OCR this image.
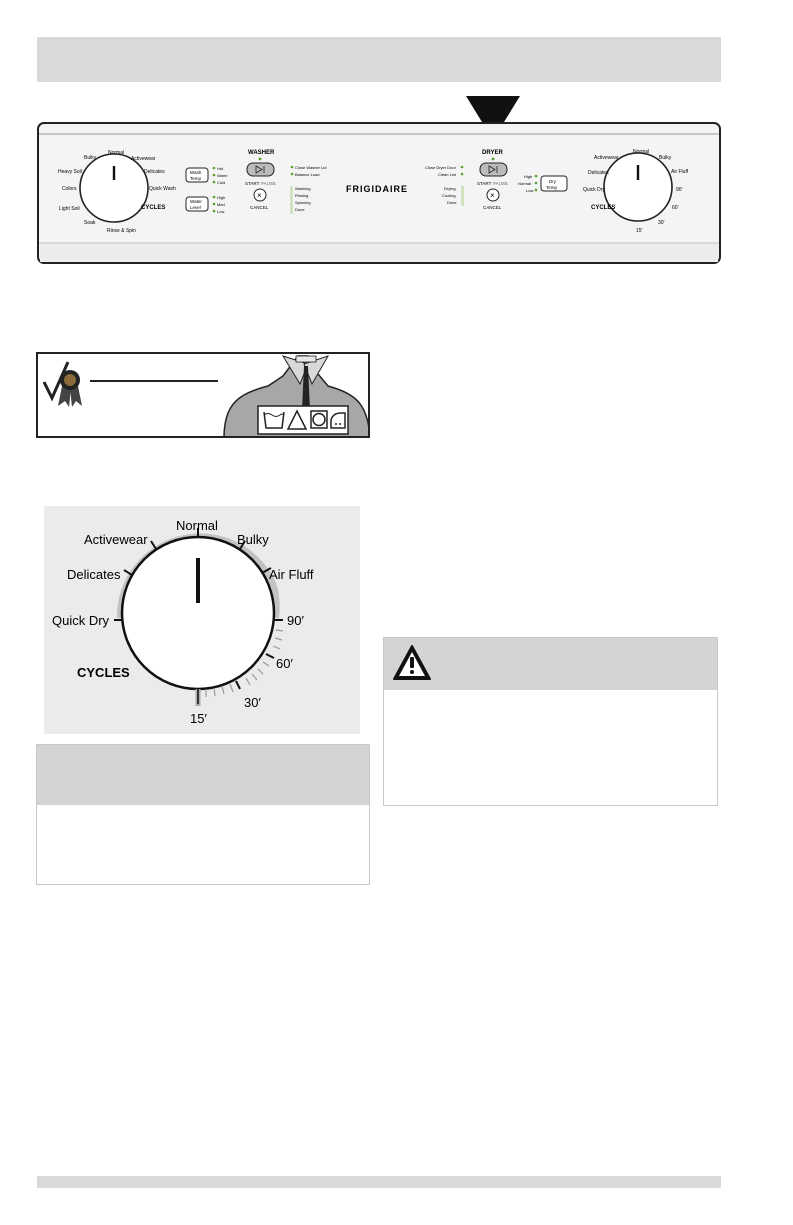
Normal
Bulky
Heavy Soil
Colors
Light Soil
Soak
Rinse & Spin
Activewear
Delicates
Quick Wash
CYCLES
Wash
Temp
Hot
Warm
Cold
Water
Level
High
Med
Low
WASHER
START PAUSE
×
CANCEL
Close Washer Lid
Balance Load
Washing
Rinsing
Spinning
Done
FRIGIDAIRE
Close Dryer Door
Clean Lint
Drying
Cooling
Done
DRYER
START PAUSE
×
CANCEL
High
Normal
Low
Dry
Temp
Activewear
Normal
Bulky
Delicates	Air Fluff
Quick Dry	90'
60'
30'
15'
CYCLES
Normal
Bulky
Activewear
Air Fluff
Delicates
Quick Dry	90′
60′
30′
15′
CYCLES
